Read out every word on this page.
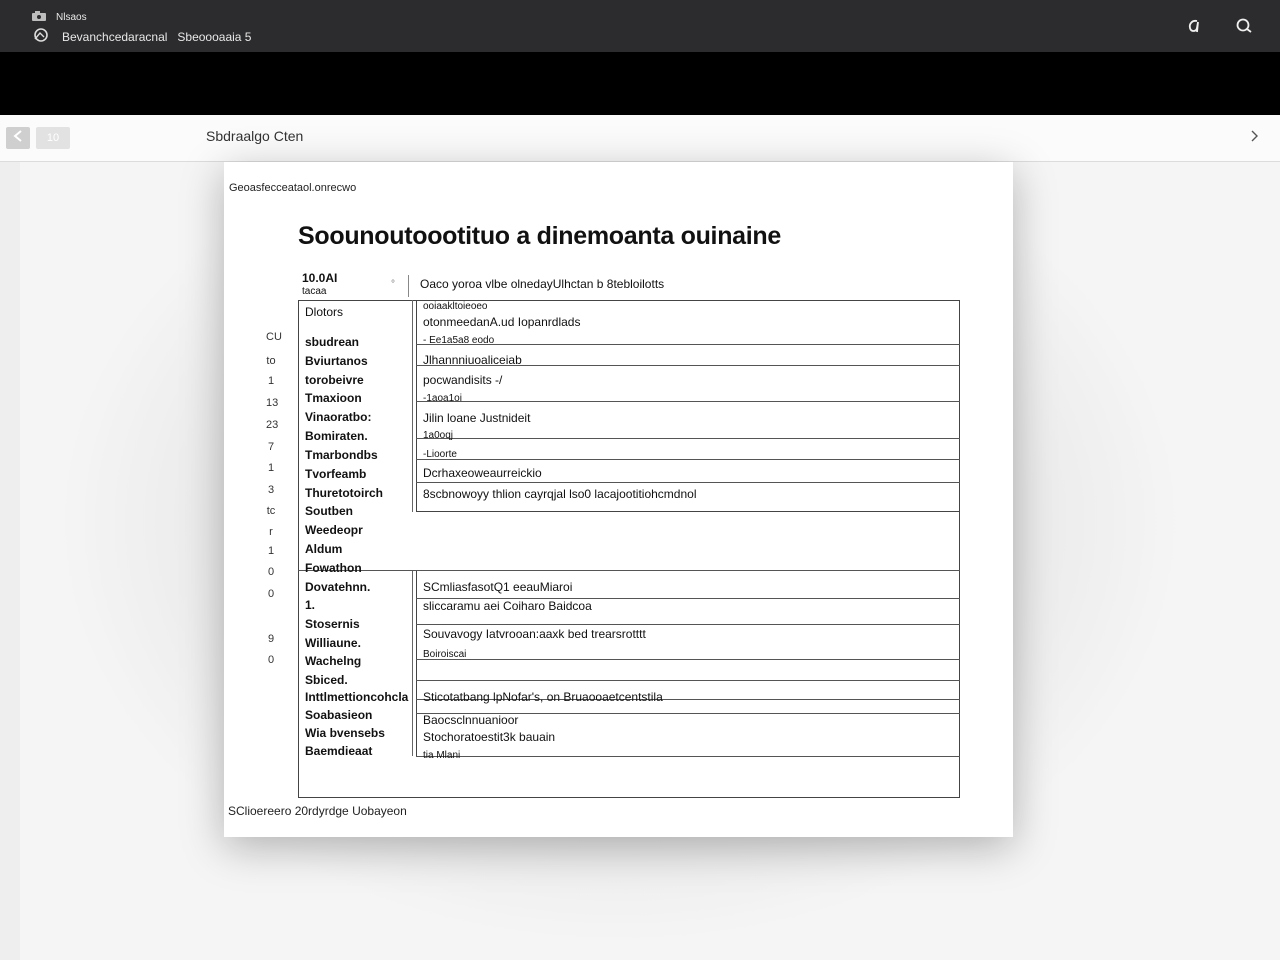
Nlsaos
Bevanchcedaracnal Sbeoooaaia 5
10	Sbdraalgo Cten
Geoasfecceataol.onrecwo
Soounoutoootituo a dinemoanta ouinaine
10.0AI
tacaa
° Oaco yoroa vlbe olnedayUlhctan b 8tebloilotts
Dlotors
sbudrean
Bviurtanos
torobeivre
Tmaxioon
Vinaoratbo:
Bomiraten.
Tmarbondbs
Tvorfeamb
Thuretotoirch
Soutben
Weedeopr
Aldum
Fowathon
Dovatehnn.
1.
Stosernis
Williaune.
Wachelng
Sbiced.
Inttlmettioncohcla
Soabasieon
Wia bvensebs
Baemdieaat
CU
to
1
13
23
7
1
3
tc
r
1
0
0
9
0
ooiaakltoieoeo
otonmeedanA.ud Iopanrdlads
- Ee1a5a8 eodo
Jlhannniuoaliceiab
pocwandisits -/
-1aoa1oi
Jilin loane Justnideit
1a0oqj
-Lioorte
Dcrhaxeoweaurreickio
8scbnowoyy thlion cayrqjal lso0 lacajootitiohcmdnol
SCmliasfasotQ1 eeauMiaroi
sliccaramu aei Coiharo Baidcoa
Souvavogy Iatvrooan:aaxk bed trearsrotttt
Boiroiscai
Sticotatbang lpNofar's, on Bruaooaetcentstila
Baocsclnnuanioor
Stochoratoestit3k bauain
tia Mlani
SClioereero 20rdyrdge Uobayeon
